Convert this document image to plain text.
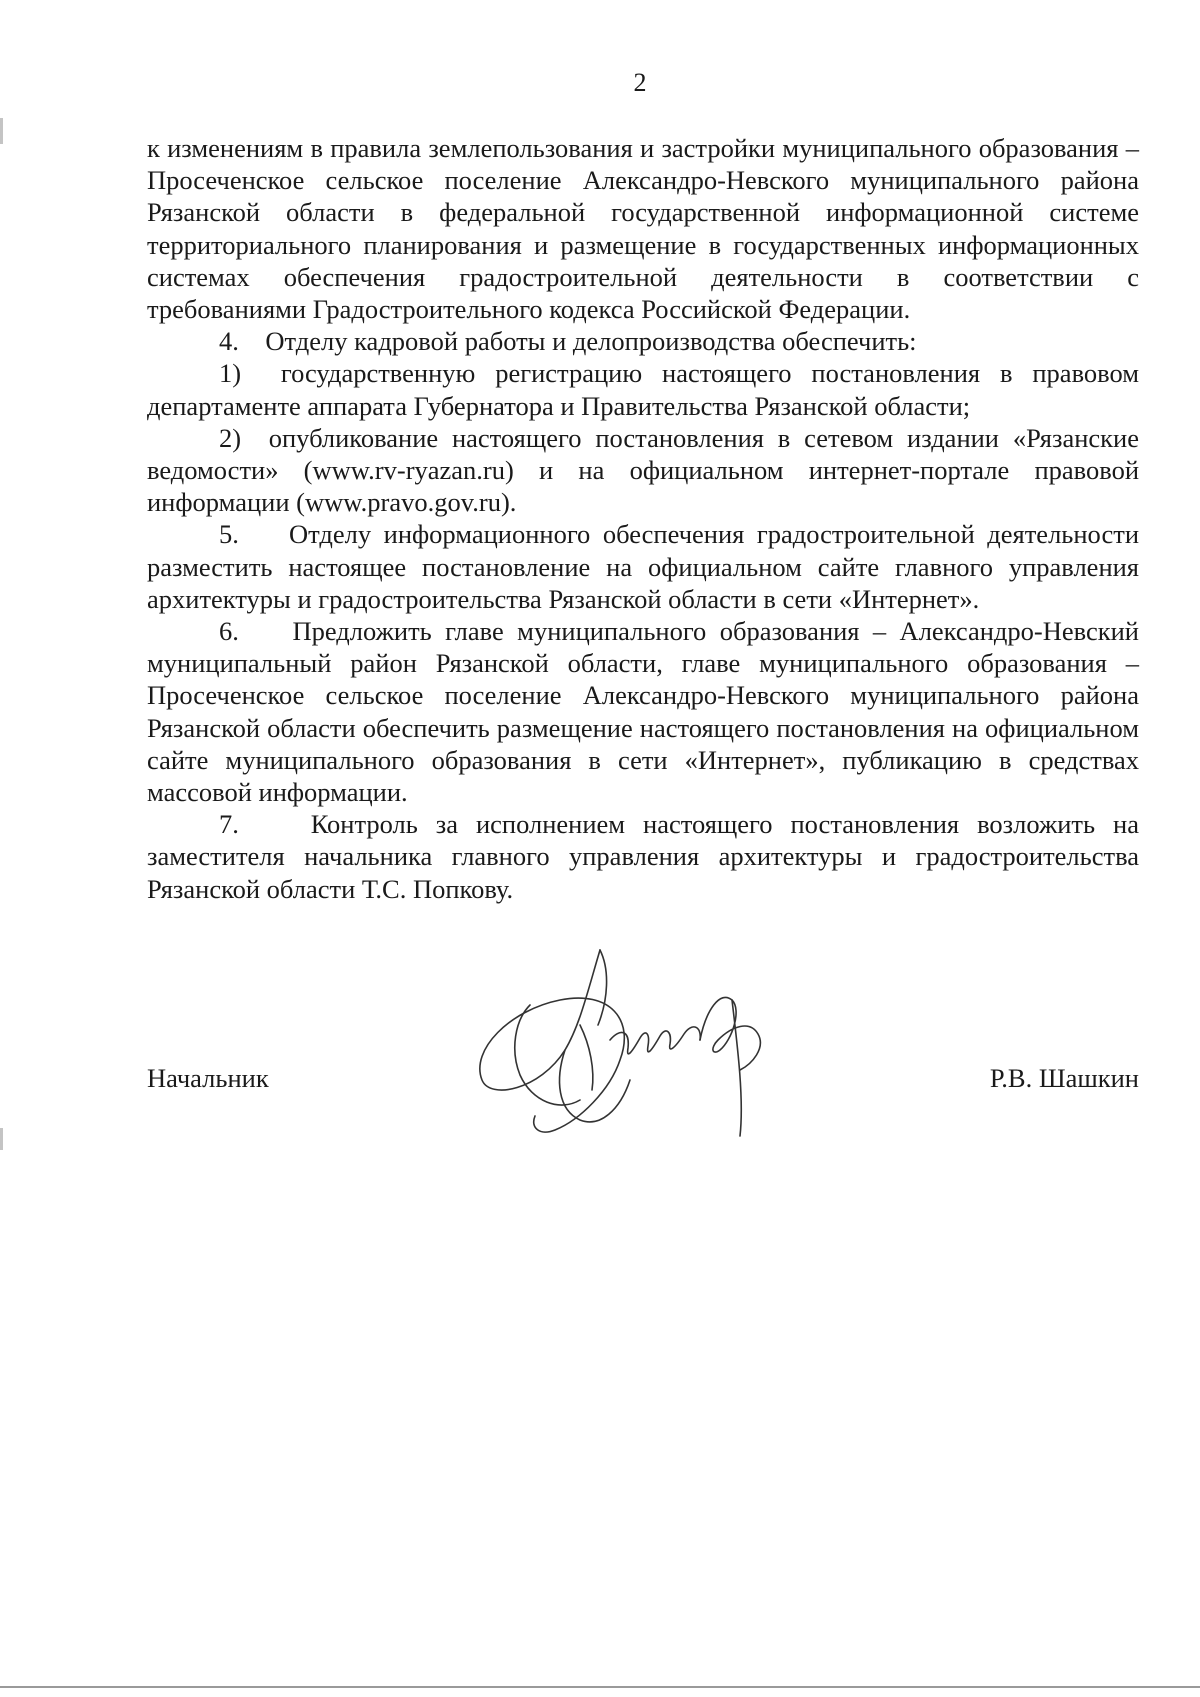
2

к изменениям в правила землепользования и застройки муниципального образования – Просеченское сельское поселение Александро-Невского муниципального района Рязанской области в федеральной государственной информационной системе территориального планирования и размещение в государственных информационных системах обеспечения градостроительной деятельности в соответствии с требованиями Градостроительного кодекса Российской Федерации.

4.    Отделу кадровой работы и делопроизводства обеспечить:

1)  государственную регистрацию настоящего постановления в правовом департаменте аппарата Губернатора и Правительства Рязанской области;

2)  опубликование настоящего постановления в сетевом издании «Рязанские ведомости» (www.rv-ryazan.ru) и на официальном интернет-портале правовой информации (www.pravo.gov.ru).

5.    Отделу информационного обеспечения градостроительной деятельности разместить настоящее постановление на официальном сайте главного управления архитектуры и градостроительства Рязанской области в сети «Интернет».

6.    Предложить главе муниципального образования – Александро-Невский муниципальный район Рязанской области, главе муниципального образования – Просеченское сельское поселение Александро-Невского муниципального района Рязанской области обеспечить размещение настоящего постановления на официальном сайте муниципального образования в сети «Интернет», публикацию в средствах массовой информации.

7.    Контроль за исполнением настоящего постановления возложить на заместителя начальника главного управления архитектуры и градостроительства Рязанской области Т.С. Попкову.

Начальник	Р.В. Шашкин
